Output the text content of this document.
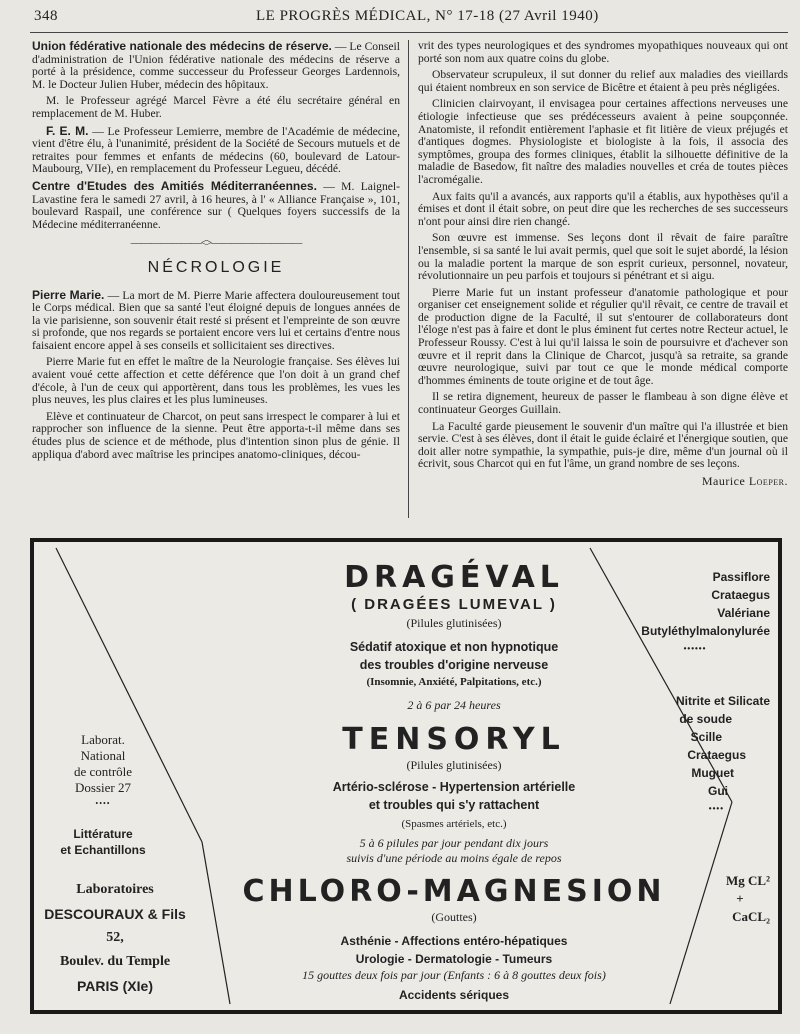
348	LE PROGRÈS MÉDICAL, N° 17-18 (27 Avril 1940)

Union fédérative nationale des médecins de réserve. — Le Conseil d'administration de l'Union fédérative nationale des médecins de réserve a porté à la présidence, comme successeur du Professeur Georges Lardennois, M. le Docteur Julien Huber, médecin des hôpitaux.

M. le Professeur agrégé Marcel Fèvre a été élu secrétaire général en remplacement de M. Huber.

F. E. M. — Le Professeur Lemierre, membre de l'Académie de médecine, vient d'être élu, à l'unanimité, président de la Société de Secours mutuels et de retraites pour femmes et enfants de médecins (60, boulevard de Latour-Maubourg, VIIe), en remplacement du Professeur Legueu, décédé.

Centre d'Etudes des Amitiés Méditerranéennes. — M. Laignel-Lavastine fera le samedi 27 avril, à 16 heures, à l' « Alliance Française », 101, boulevard Raspail, une conférence sur ( Quelques foyers successifs de la Médecine méditerranéenne.

———————<>—————————
NÉCROLOGIE

Pierre Marie. — La mort de M. Pierre Marie affectera douloureusement tout le Corps médical. Bien que sa santé l'eut éloigné depuis de longues années de la vie parisienne, son souvenir était resté si présent et l'empreinte de son œuvre si profonde, que nos regards se portaient encore vers lui et certains d'entre nous faisaient encore appel à ses conseils et sollicitaient ses directives.

Pierre Marie fut en effet le maître de la Neurologie française. Ses élèves lui avaient voué cette affection et cette déférence que l'on doit à un grand chef d'école, à l'un de ceux qui apportèrent, dans tous les problèmes, les vues les plus neuves, les plus claires et les plus lumineuses.

Elève et continuateur de Charcot, on peut sans irrespect le comparer à lui et rapprocher son influence de la sienne. Peut être apporta-t-il même dans ses études plus de science et de méthode, plus d'intention sinon plus de génie. Il appliqua d'abord avec maîtrise les principes anatomo-cliniques, décou-

vrit des types neurologiques et des syndromes myopathiques nouveaux qui ont porté son nom aux quatre coins du globe.

Observateur scrupuleux, il sut donner du relief aux maladies des vieillards qui étaient nombreux en son service de Bicêtre et étaient à peu près négligées.

Clinicien clairvoyant, il envisagea pour certaines affections nerveuses une étiologie infectieuse que ses prédécesseurs avaient à peine soupçonnée. Anatomiste, il refondit entièrement l'aphasie et fit litière de vieux préjugés et d'antiques dogmes. Physiologiste et biologiste à la fois, il associa des symptômes, groupa des formes cliniques, établit la silhouette définitive de la maladie de Basedow, fit naître des maladies nouvelles et créa de toutes pièces l'acromégalie.

Aux faits qu'il a avancés, aux rapports qu'il a établis, aux hypothèses qu'il a émises et dont il était sobre, on peut dire que les recherches de ses successeurs n'ont pour ainsi dire rien changé.

Son œuvre est immense. Ses leçons dont il rêvait de faire paraître l'ensemble, si sa santé le lui avait permis, quel que soit le sujet abordé, la lésion ou la maladie portent la marque de son esprit curieux, personnel, novateur, révolutionnaire un peu parfois et toujours si pénétrant et si aigu.

Pierre Marie fut un instant professeur d'anatomie pathologique et pour organiser cet enseignement solide et régulier qu'il rêvait, ce centre de travail et de production digne de la Faculté, il sut s'entourer de collaborateurs dont l'éloge n'est pas à faire et dont le plus éminent fut certes notre Recteur actuel, le Professeur Roussy. C'est à lui qu'il laissa le soin de poursuivre et d'achever son œuvre et il reprit dans la Clinique de Charcot, jusqu'à sa retraite, sa grande œuvre neurologique, suivi par tout ce que le monde médical comporte d'hommes éminents de toute origine et de tout âge.

Il se retira dignement, heureux de passer le flambeau à son digne élève et continuateur Georges Guillain.

La Faculté garde pieusement le souvenir d'un maître qui l'a illustrée et bien servie. C'est à ses élèves, dont il était le guide éclairé et l'énergique soutien, que doit aller notre sympathie, la sympathie, puis-je dire, même d'un journal où il écrivit, sous Charcot qui en fut l'âme, un grand nombre de ses leçons.

Maurice Loeper.
Laborat.
National
de contrôle
Dossier 27
••••
Littérature
et Echantillons
Laboratoires
DESCOURAUX & Fils
52,
Boulev. du Temple
PARIS (XIe)
Passiflore
Crataegus
Valériane
Butyléthylmalonylurée
••••••
Nitrite et Silicate
de soude
Scille
Crataegus
Muguet
Gui
••••
Mg CL²
+
CaCL₂
DRAGÉVAL
( DRAGÉES LUMEVAL )
(Pilules glutinisées)
Sédatif atoxique et non hypnotique
des troubles d'origine nerveuse
(Insomnie, Anxiété, Palpitations, etc.)
2 à 6 par 24 heures
TENSORYL
(Pilules glutinisées)
Artério-sclérose - Hypertension artérielle
et troubles qui s'y rattachent
(Spasmes artériels, etc.)
5 à 6 pilules par jour pendant dix jours
suivis d'une période au moins égale de repos
CHLORO-MAGNESION
(Gouttes)
Asthénie - Affections entéro-hépatiques
Urologie - Dermatologie - Tumeurs
15 gouttes deux fois par jour (Enfants : 6 à 8 gouttes deux fois)
Accidents sériques
